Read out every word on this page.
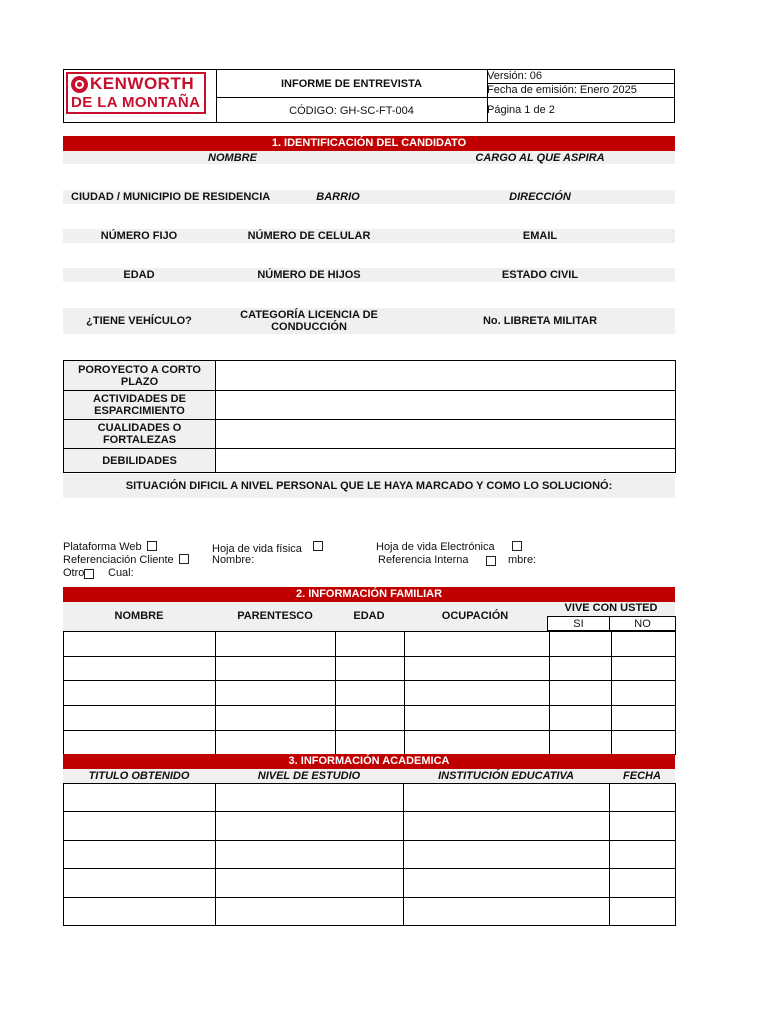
KENWORTH
DE LA MONTAÑA
INFORME DE ENTREVISTA
CÓDIGO: GH-SC-FT-004
Versión: 06
Fecha de emisión: Enero 2025
Página 1 de 2
1. IDENTIFICACIÓN DEL CANDIDATO
NOMBRE	CARGO AL QUE ASPIRA
CIUDAD / MUNICIPIO DE RESIDENCIA	BARRIO	DIRECCIÓN
NÚMERO FIJO	NÚMERO DE CELULAR	EMAIL
EDAD	NÚMERO DE HIJOS	ESTADO CIVIL
¿TIENE VEHÍCULO?	CATEGORÍA LICENCIA DE CONDUCCIÓN	No. LIBRETA MILITAR
POROYECTO A CORTO PLAZO	
ACTIVIDADES DE ESPARCIMIENTO	
CUALIDADES O FORTALEZAS	
DEBILIDADES	
SITUACIÓN DIFICIL A NIVEL PERSONAL QUE LE HAYA MARCADO Y COMO LO SOLUCIONÓ:
Plataforma Web	Hoja de vida física	Hoja de vida Electrónica
Referenciación Cliente	Nombre:	Referencia Interna	mbre:
Otro Cual:
2. INFORMACIÓN FAMILIAR
NOMBRE	PARENTESCO	EDAD	OCUPACIÓN
VIVE CON USTED
SI	NO

3. INFORMACIÓN ACADEMICA
TITULO OBTENIDO	NIVEL DE ESTUDIO	INSTITUCIÓN EDUCATIVA	FECHA
